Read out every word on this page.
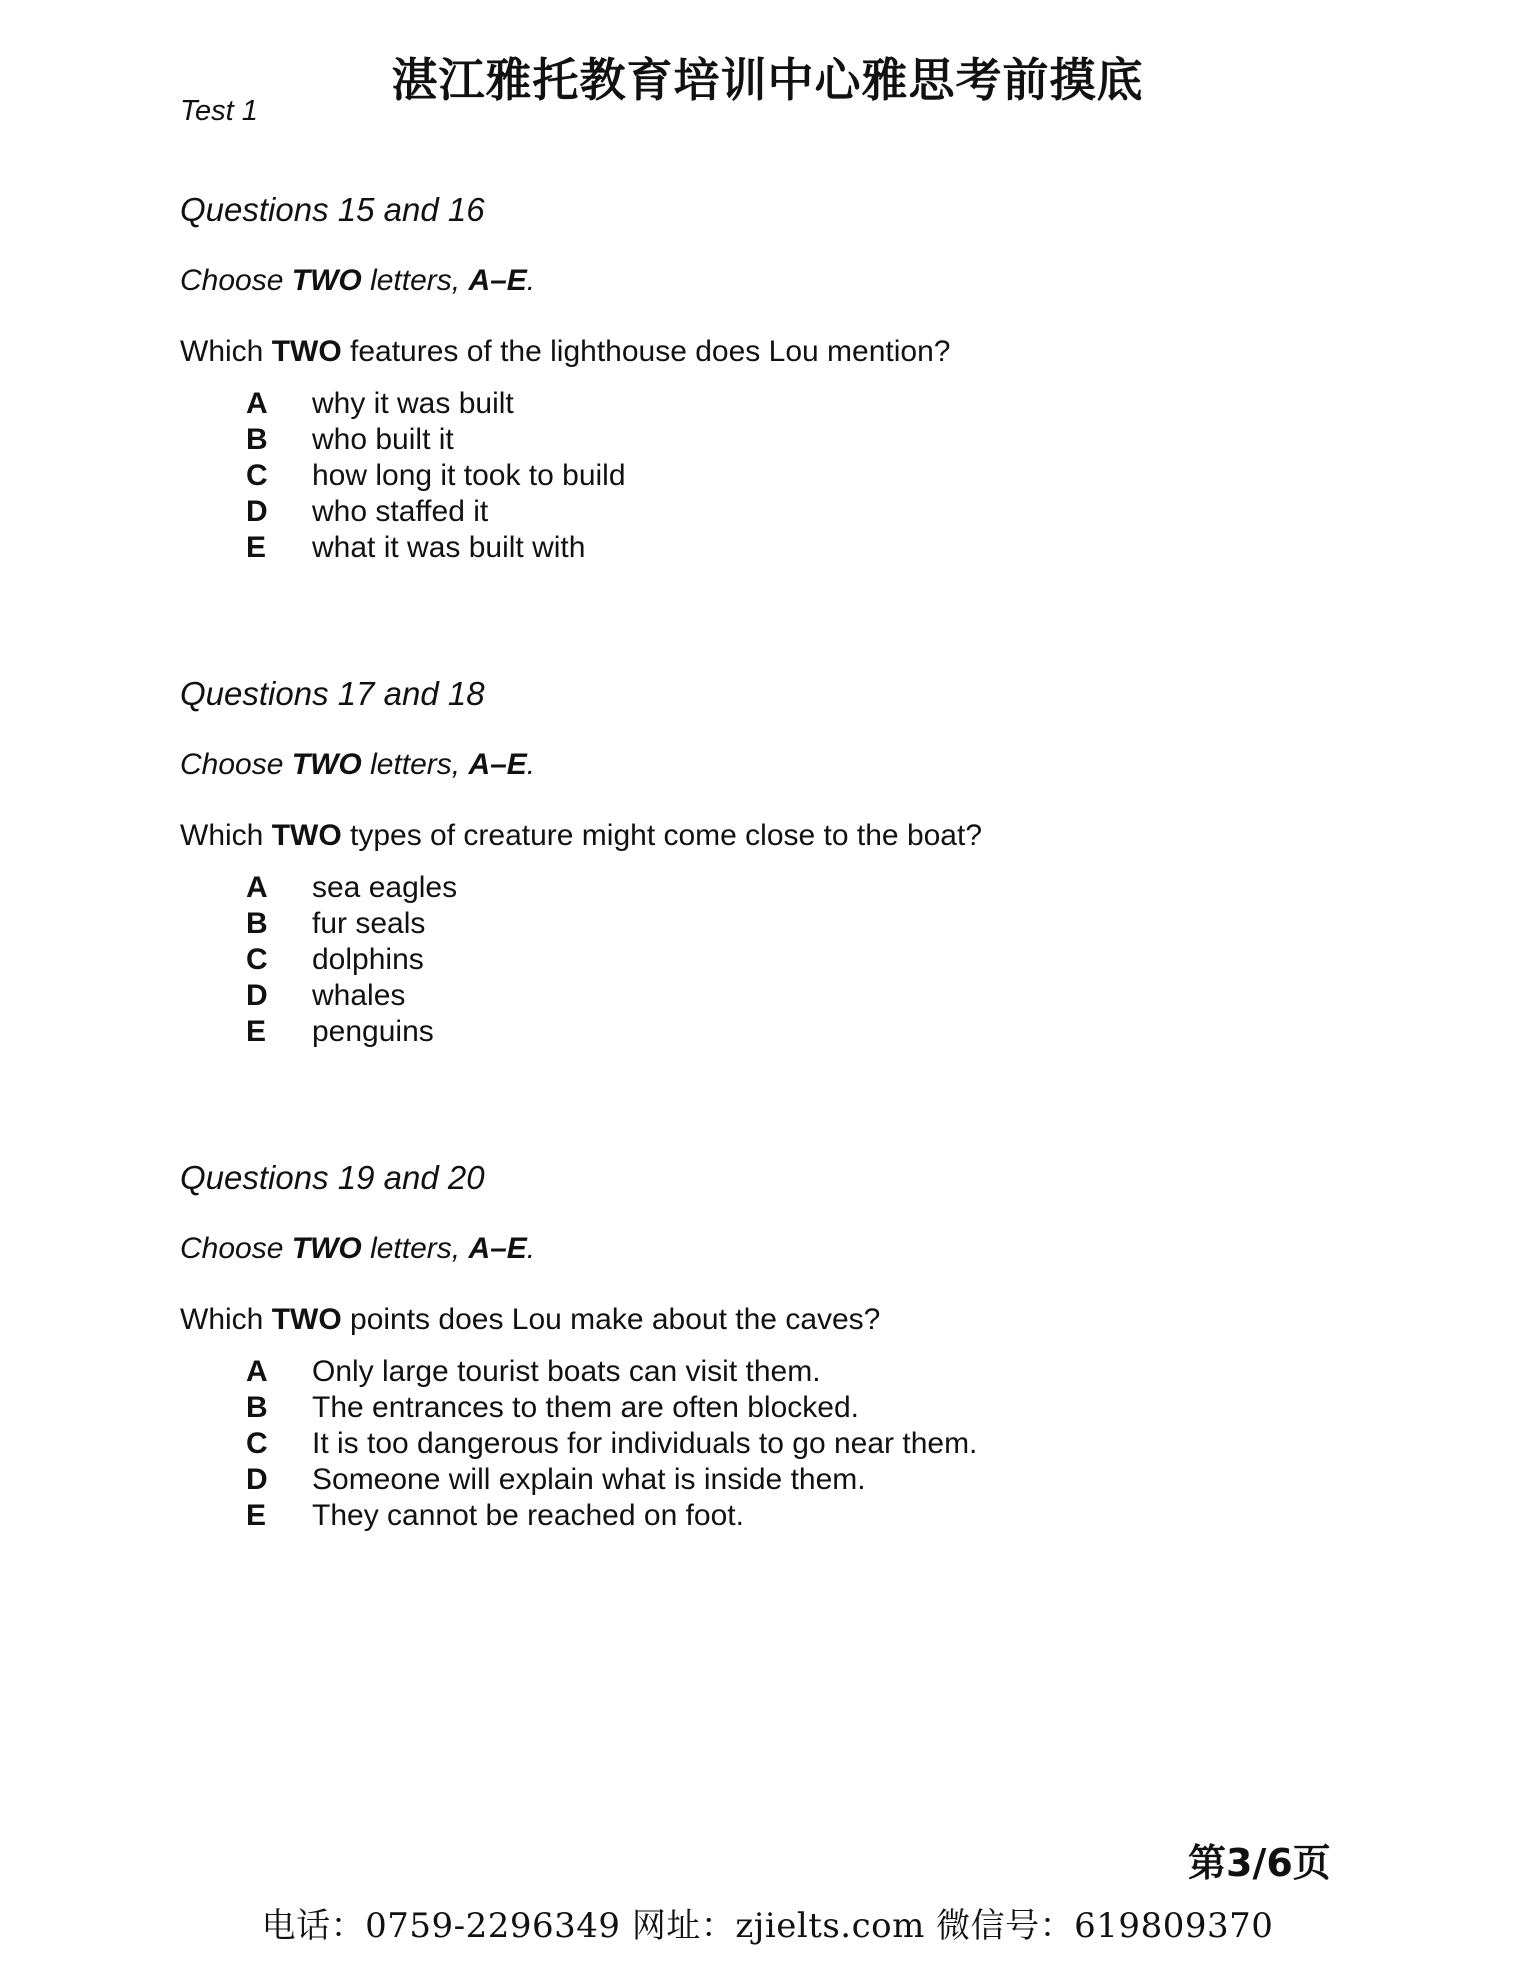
湛江雅托教育培训中心雅思考前摸底
Test 1

Questions 15 and 16

Choose TWO letters, A–E.

Which TWO features of the lighthouse does Lou mention?

A	why it was built
B	who built it
C	how long it took to build
D	who staffed it
E	what it was built with

Questions 17 and 18

Choose TWO letters, A–E.

Which TWO types of creature might come close to the boat?

A	sea eagles
B	fur seals
C	dolphins
D	whales
E	penguins

Questions 19 and 20

Choose TWO letters, A–E.

Which TWO points does Lou make about the caves?

A	Only large tourist boats can visit them.
B	The entrances to them are often blocked.
C	It is too dangerous for individuals to go near them.
D	Someone will explain what is inside them.
E	They cannot be reached on foot.
第3/6页
电话：0759-2296349 网址：zjielts.com 微信号：619809370
